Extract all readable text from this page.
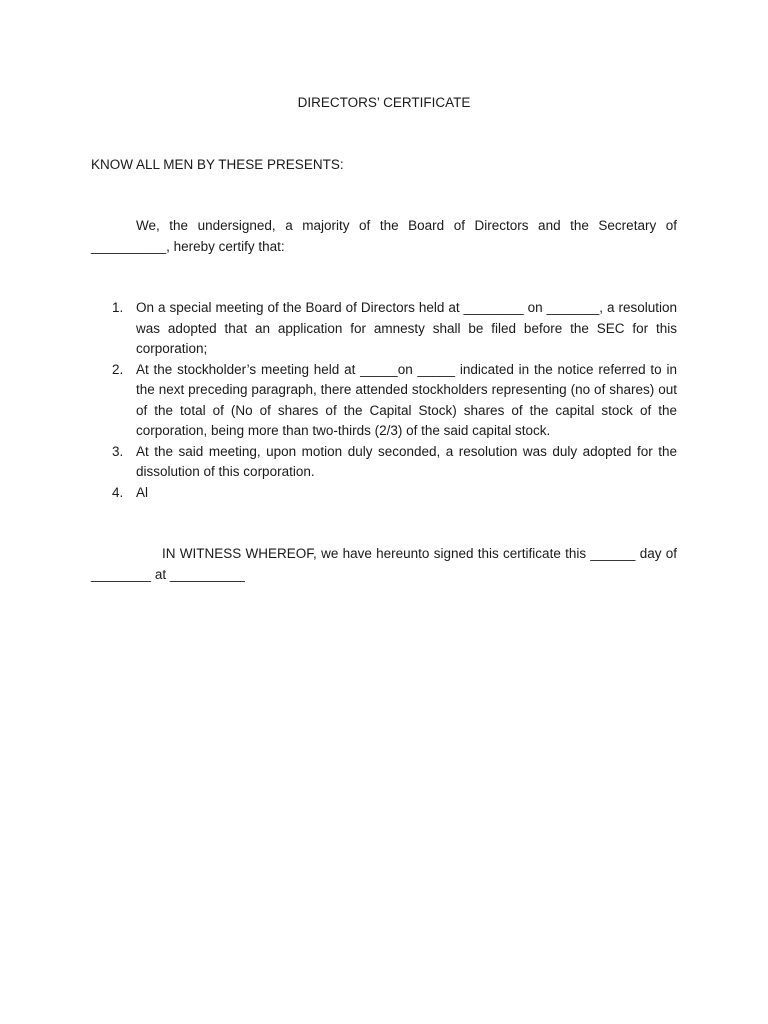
DIRECTORS’ CERTIFICATE
KNOW ALL MEN BY THESE PRESENTS:
We, the undersigned, a majority of the Board of Directors and the Secretary of __________, hereby certify that:
1. On a special meeting of the Board of Directors held at ________ on _______, a resolution was adopted that an application for amnesty shall be filed before the SEC for this corporation;
2. At the stockholder’s meeting held at _____on _____ indicated in the notice referred to in the next preceding paragraph, there attended stockholders representing (no of shares) out of the total of (No of shares of the Capital Stock) shares of the capital stock of the corporation, being more than two-thirds (2/3) of the said capital stock.
3. At the said meeting, upon motion duly seconded, a resolution was duly adopted for the dissolution of this corporation.
4. Al
IN WITNESS WHEREOF, we have hereunto signed this certificate this ______ day of ________ at __________
